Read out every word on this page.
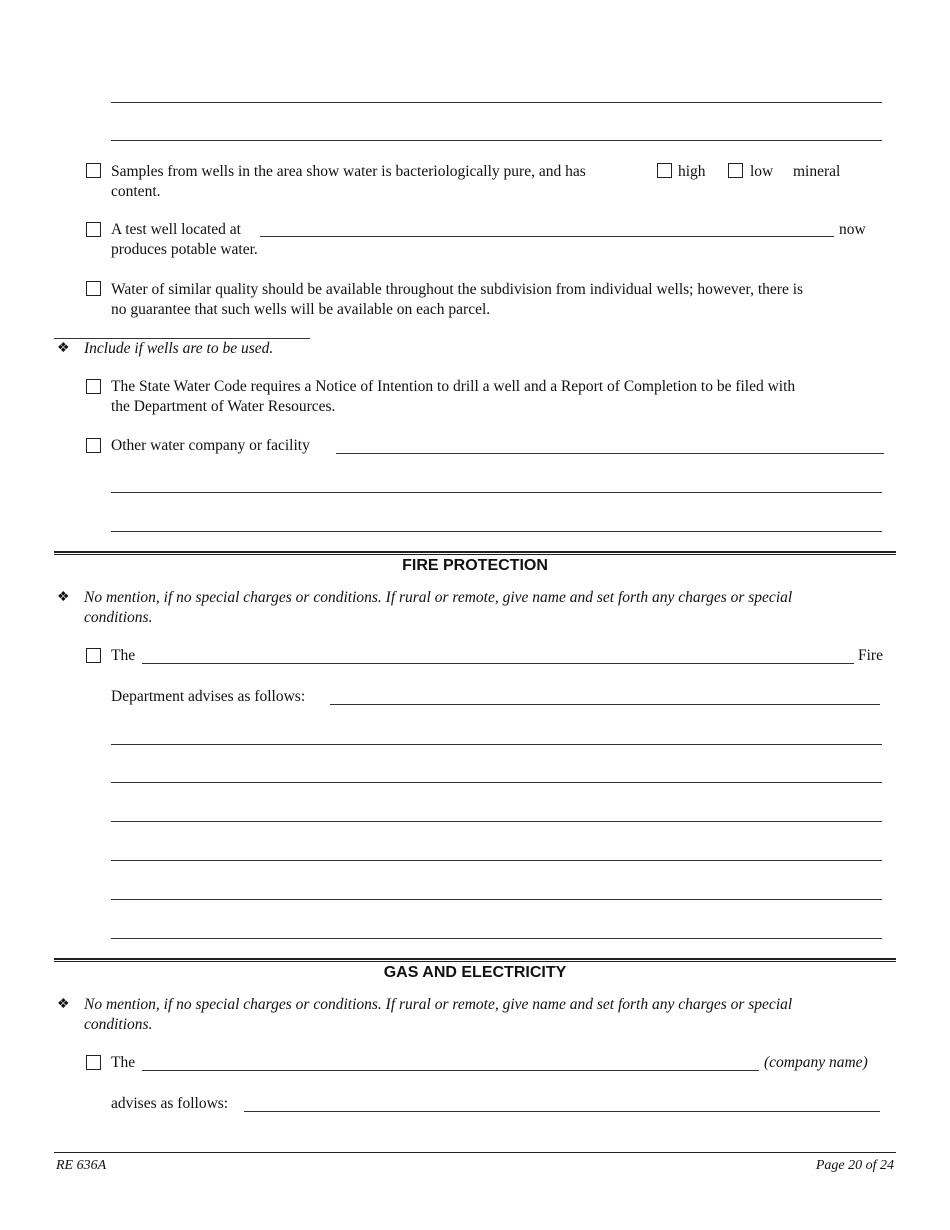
Samples from wells in the area show water is bacteriologically pure, and has	high	low mineral
content.
A test well located at	now
produces potable water.
Water of similar quality should be available throughout the subdivision from individual wells; however, there is
no guarantee that such wells will be available on each parcel.
❖ Include if wells are to be used.
The State Water Code requires a Notice of Intention to drill a well and a Report of Completion to be filed with
the Department of Water Resources.
Other water company or facility
FIRE PROTECTION
❖ No mention, if no special charges or conditions. If rural or remote, give name and set forth any charges or special
conditions.
The	Fire
Department advises as follows:
GAS AND ELECTRICITY
❖ No mention, if no special charges or conditions. If rural or remote, give name and set forth any charges or special
conditions.
The	(company name)
advises as follows:
RE 636A	Page 20 of 24
